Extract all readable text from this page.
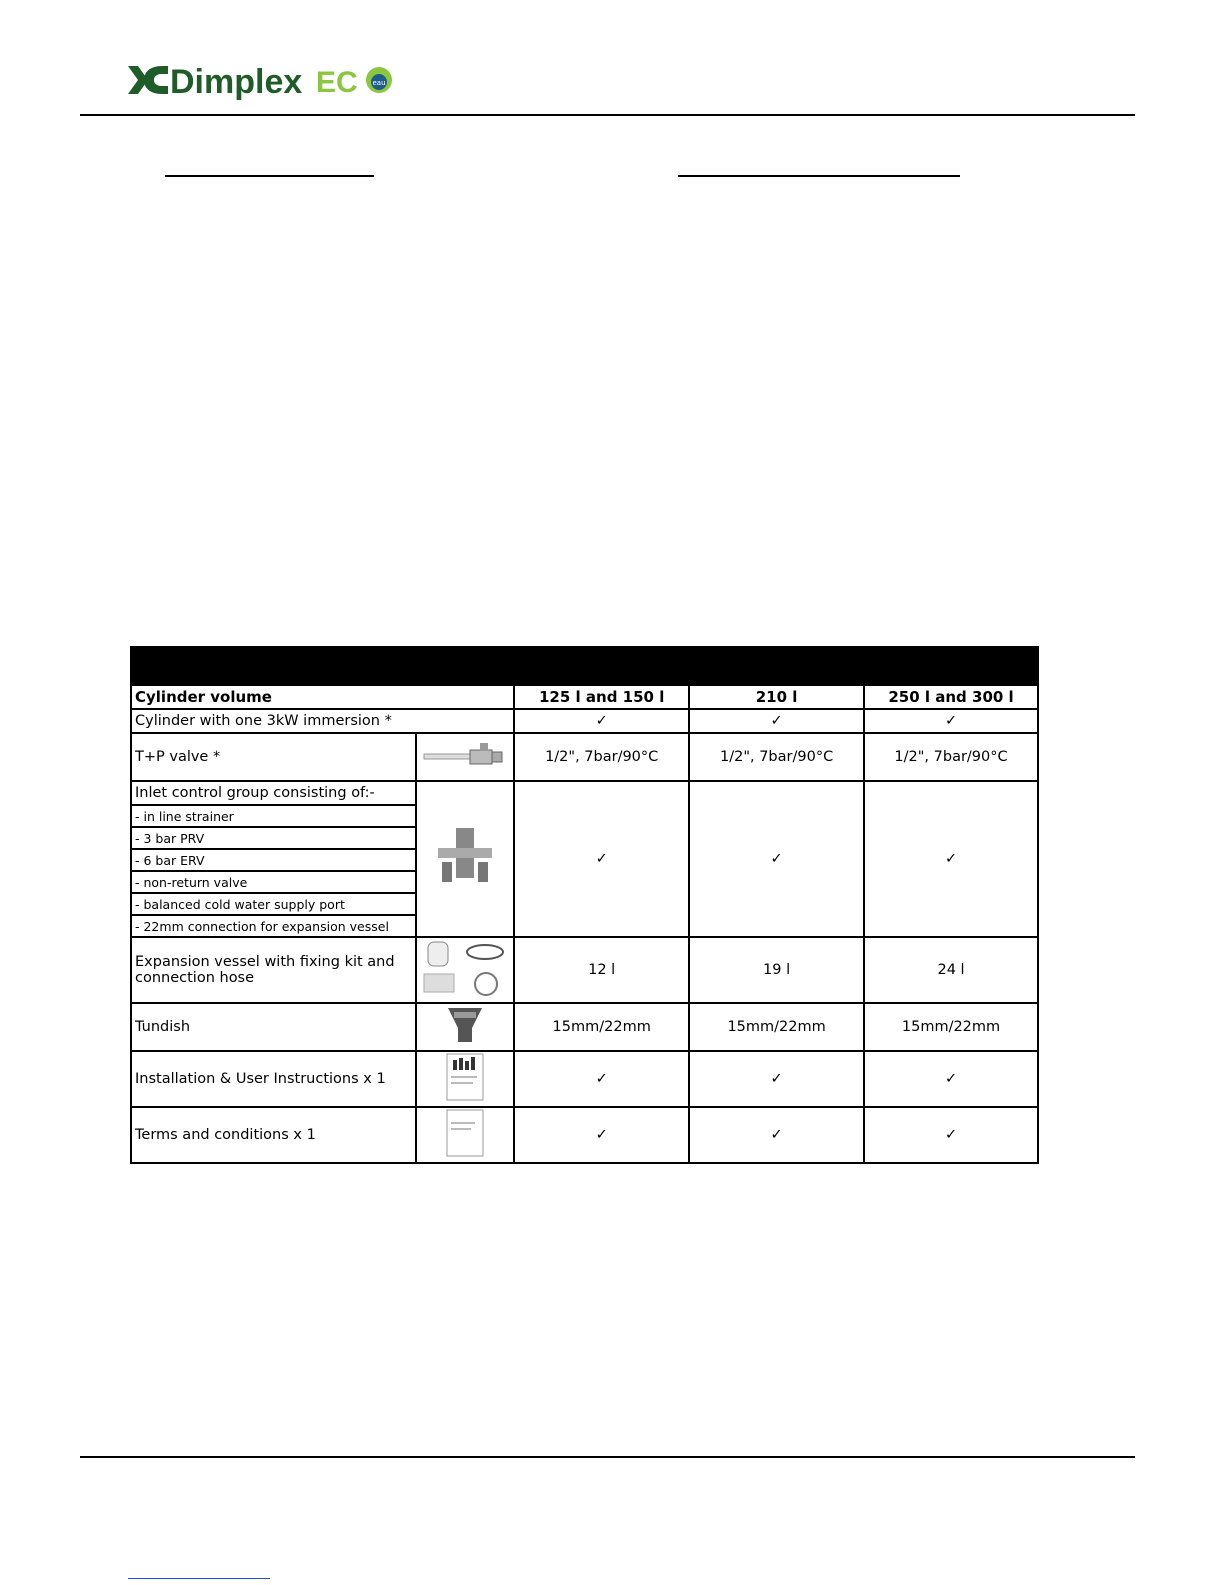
Dimplex EC eau
Cylinder volume		125 l and 150 l	210 l	250 l and 300 l
Cylinder with one 3kW immersion *		✓	✓	✓
T+P valve *		1/2", 7bar/90°C	1/2", 7bar/90°C	1/2", 7bar/90°C
Inlet control group consisting of:-		✓	✓	✓
- in line strainer				
- 3 bar PRV				
- 6 bar ERV				
- non-return valve				
- balanced cold water supply port				
- 22mm connection for expansion vessel				
Expansion vessel with fixing kit and connection hose		12 l	19 l	24 l
Tundish		15mm/22mm	15mm/22mm	15mm/22mm
Installation & User Instructions x 1		✓	✓	✓
Terms and conditions x 1		✓	✓	✓
